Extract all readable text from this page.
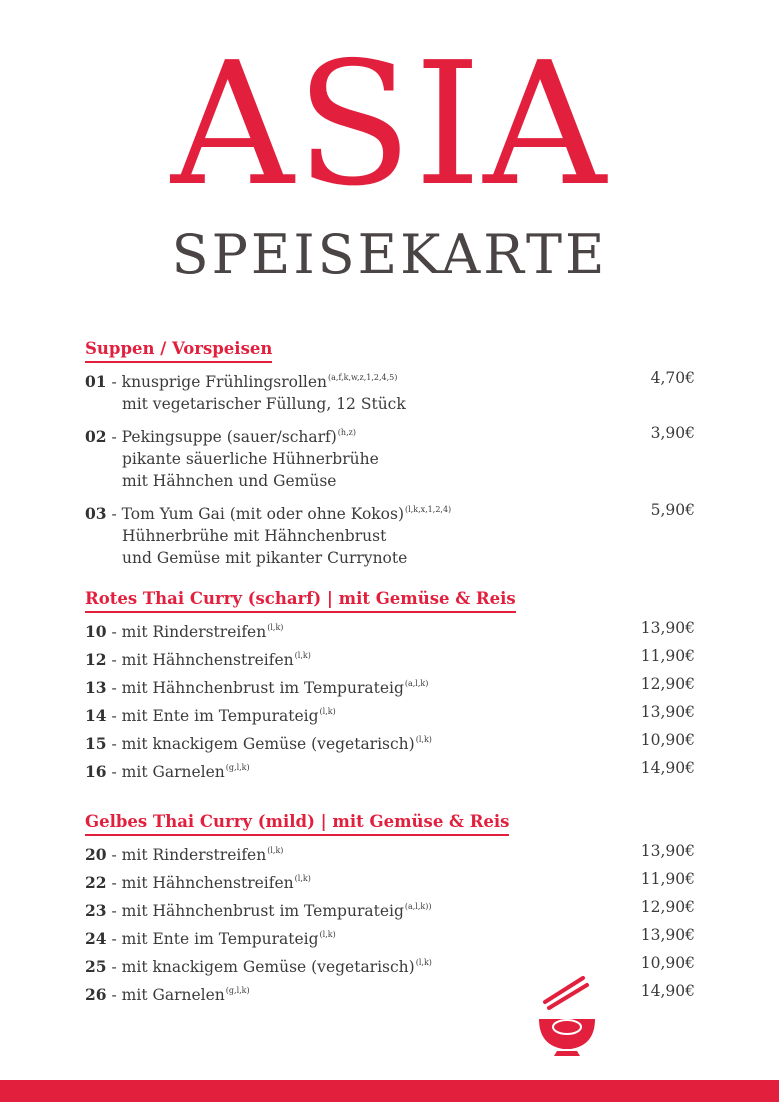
ASIA
SPEISEKARTE
Suppen / Vorspeisen
01 - knusprige Frühlingsrollen$^{(a,f,k,w,z,1,2,4,5)}$
mit vegetarischer Füllung, 12 Stück
4,70€
02 - Pekingsuppe (sauer/scharf)$^{(h,z)}$
pikante säuerliche Hühnerbrühe
mit Hähnchen und Gemüse
3,90€
03 - Tom Yum Gai (mit oder ohne Kokos)$^{(l,k,x,1,2,4)}$
Hühnerbrühe mit Hähnchenbrust
und Gemüse mit pikanter Currynote
5,90€
Rotes Thai Curry (scharf) | mit Gemüse & Reis
10 - mit Rinderstreifen$^{(l,k)}$	13,90€
12 - mit Hähnchenstreifen$^{(l,k)}$	11,90€
13 - mit Hähnchenbrust im Tempurateig$^{(a,l,k)}$	12,90€
14 - mit Ente im Tempurateig$^{(l,k)}$	13,90€
15 - mit knackigem Gemüse (vegetarisch)$^{(l,k)}$	10,90€
16 - mit Garnelen$^{(g,l,k)}$	14,90€
Gelbes Thai Curry (mild) | mit Gemüse & Reis
20 - mit Rinderstreifen$^{(l,k)}$	13,90€
22 - mit Hähnchenstreifen$^{(l,k)}$	11,90€
23 - mit Hähnchenbrust im Tempurateig$^{(a,l,k))}$	12,90€
24 - mit Ente im Tempurateig$^{(l,k)}$	13,90€
25 - mit knackigem Gemüse (vegetarisch)$^{(l,k)}$	10,90€
26 - mit Garnelen$^{(g,l,k)}$	14,90€
